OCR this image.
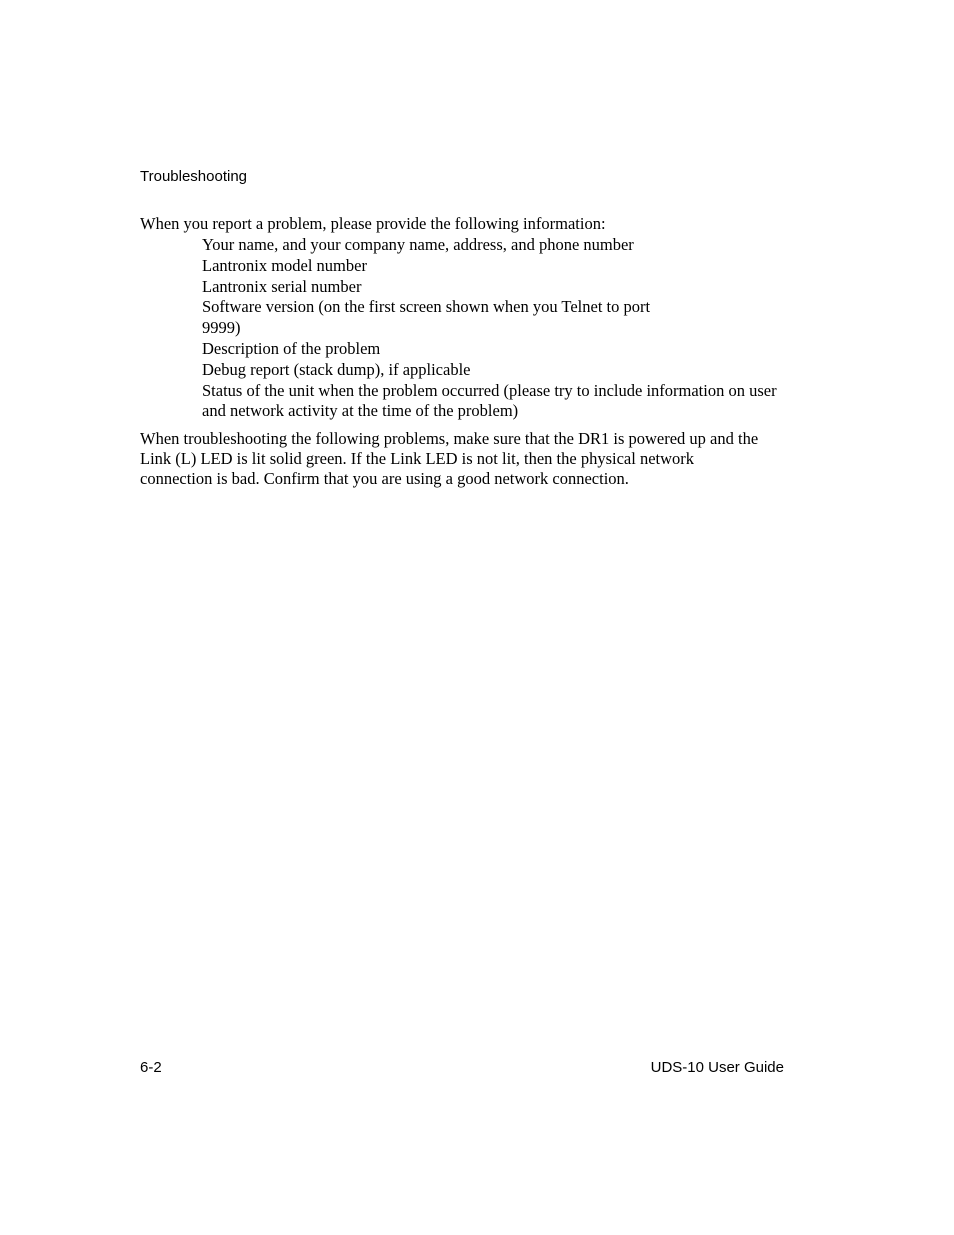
Troubleshooting
When you report a problem, please provide the following information:
Your name, and your company name, address, and phone number
Lantronix model number
Lantronix serial number
Software version (on the first screen shown when you Telnet to port 9999)
Description of the problem
Debug report (stack dump), if applicable
Status of the unit when the problem occurred (please try to include information on user and network activity at the time of the problem)

When troubleshooting the following problems, make sure that the DR1 is powered up and the
Link (L) LED is lit solid green. If the Link LED is not lit, then the physical network
connection is bad. Confirm that you are using a good network connection.

6-2	UDS-10 User Guide
